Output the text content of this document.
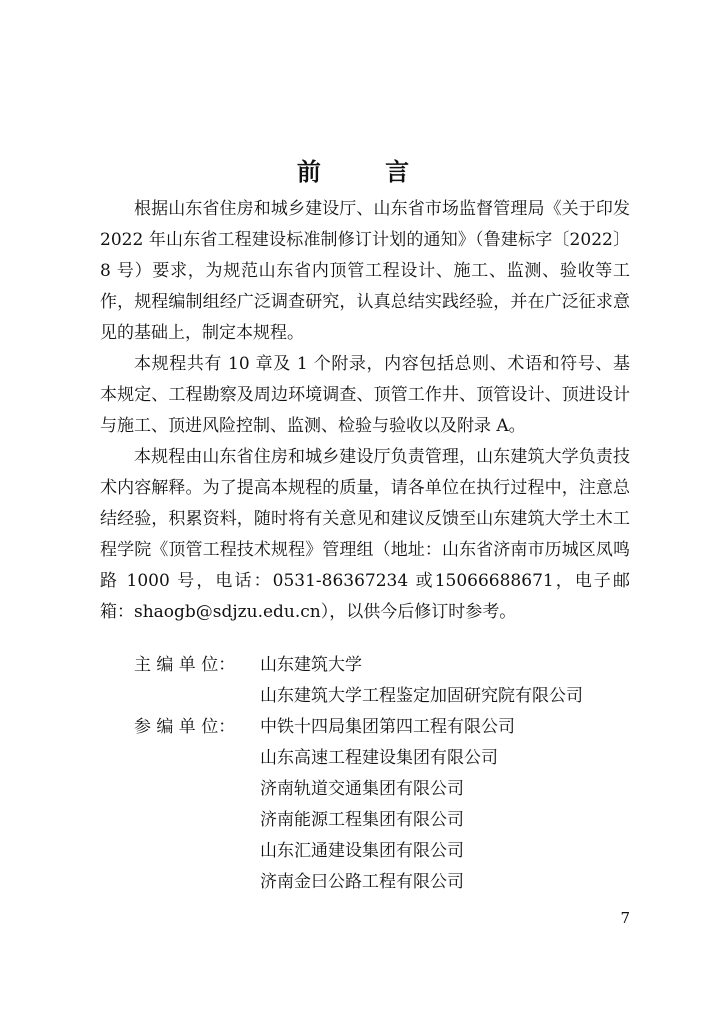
前 言

根据山东省住房和城乡建设厅、山东省市场监督管理局《关于印发 2022 年山东省工程建设标准制修订计划的通知》（鲁建标字〔2022〕8 号）要求，为规范山东省内顶管工程设计、施工、监测、验收等工作，规程编制组经广泛调查研究，认真总结实践经验，并在广泛征求意见的基础上，制定本规程。

本规程共有 10 章及 1 个附录，内容包括总则、术语和符号、基本规定、工程勘察及周边环境调查、顶管工作井、顶管设计、顶进设计与施工、顶进风险控制、监测、检验与验收以及附录 A。

本规程由山东省住房和城乡建设厅负责管理，山东建筑大学负责技术内容解释。为了提高本规程的质量，请各单位在执行过程中，注意总结经验，积累资料，随时将有关意见和建议反馈至山东建筑大学土木工程学院《顶管工程技术规程》管理组（地址：山东省济南市历城区凤鸣路 1000 号，电话：0531-86367234 或15066688671，电子邮箱：shaogb@sdjzu.edu.cn），以供今后修订时参考。

主 编 单 位：	山东建筑大学
山东建筑大学工程鉴定加固研究院有限公司
参 编 单 位：	中铁十四局集团第四工程有限公司
山东高速工程建设集团有限公司
济南轨道交通集团有限公司
济南能源工程集团有限公司
山东汇通建设集团有限公司
济南金曰公路工程有限公司
7
